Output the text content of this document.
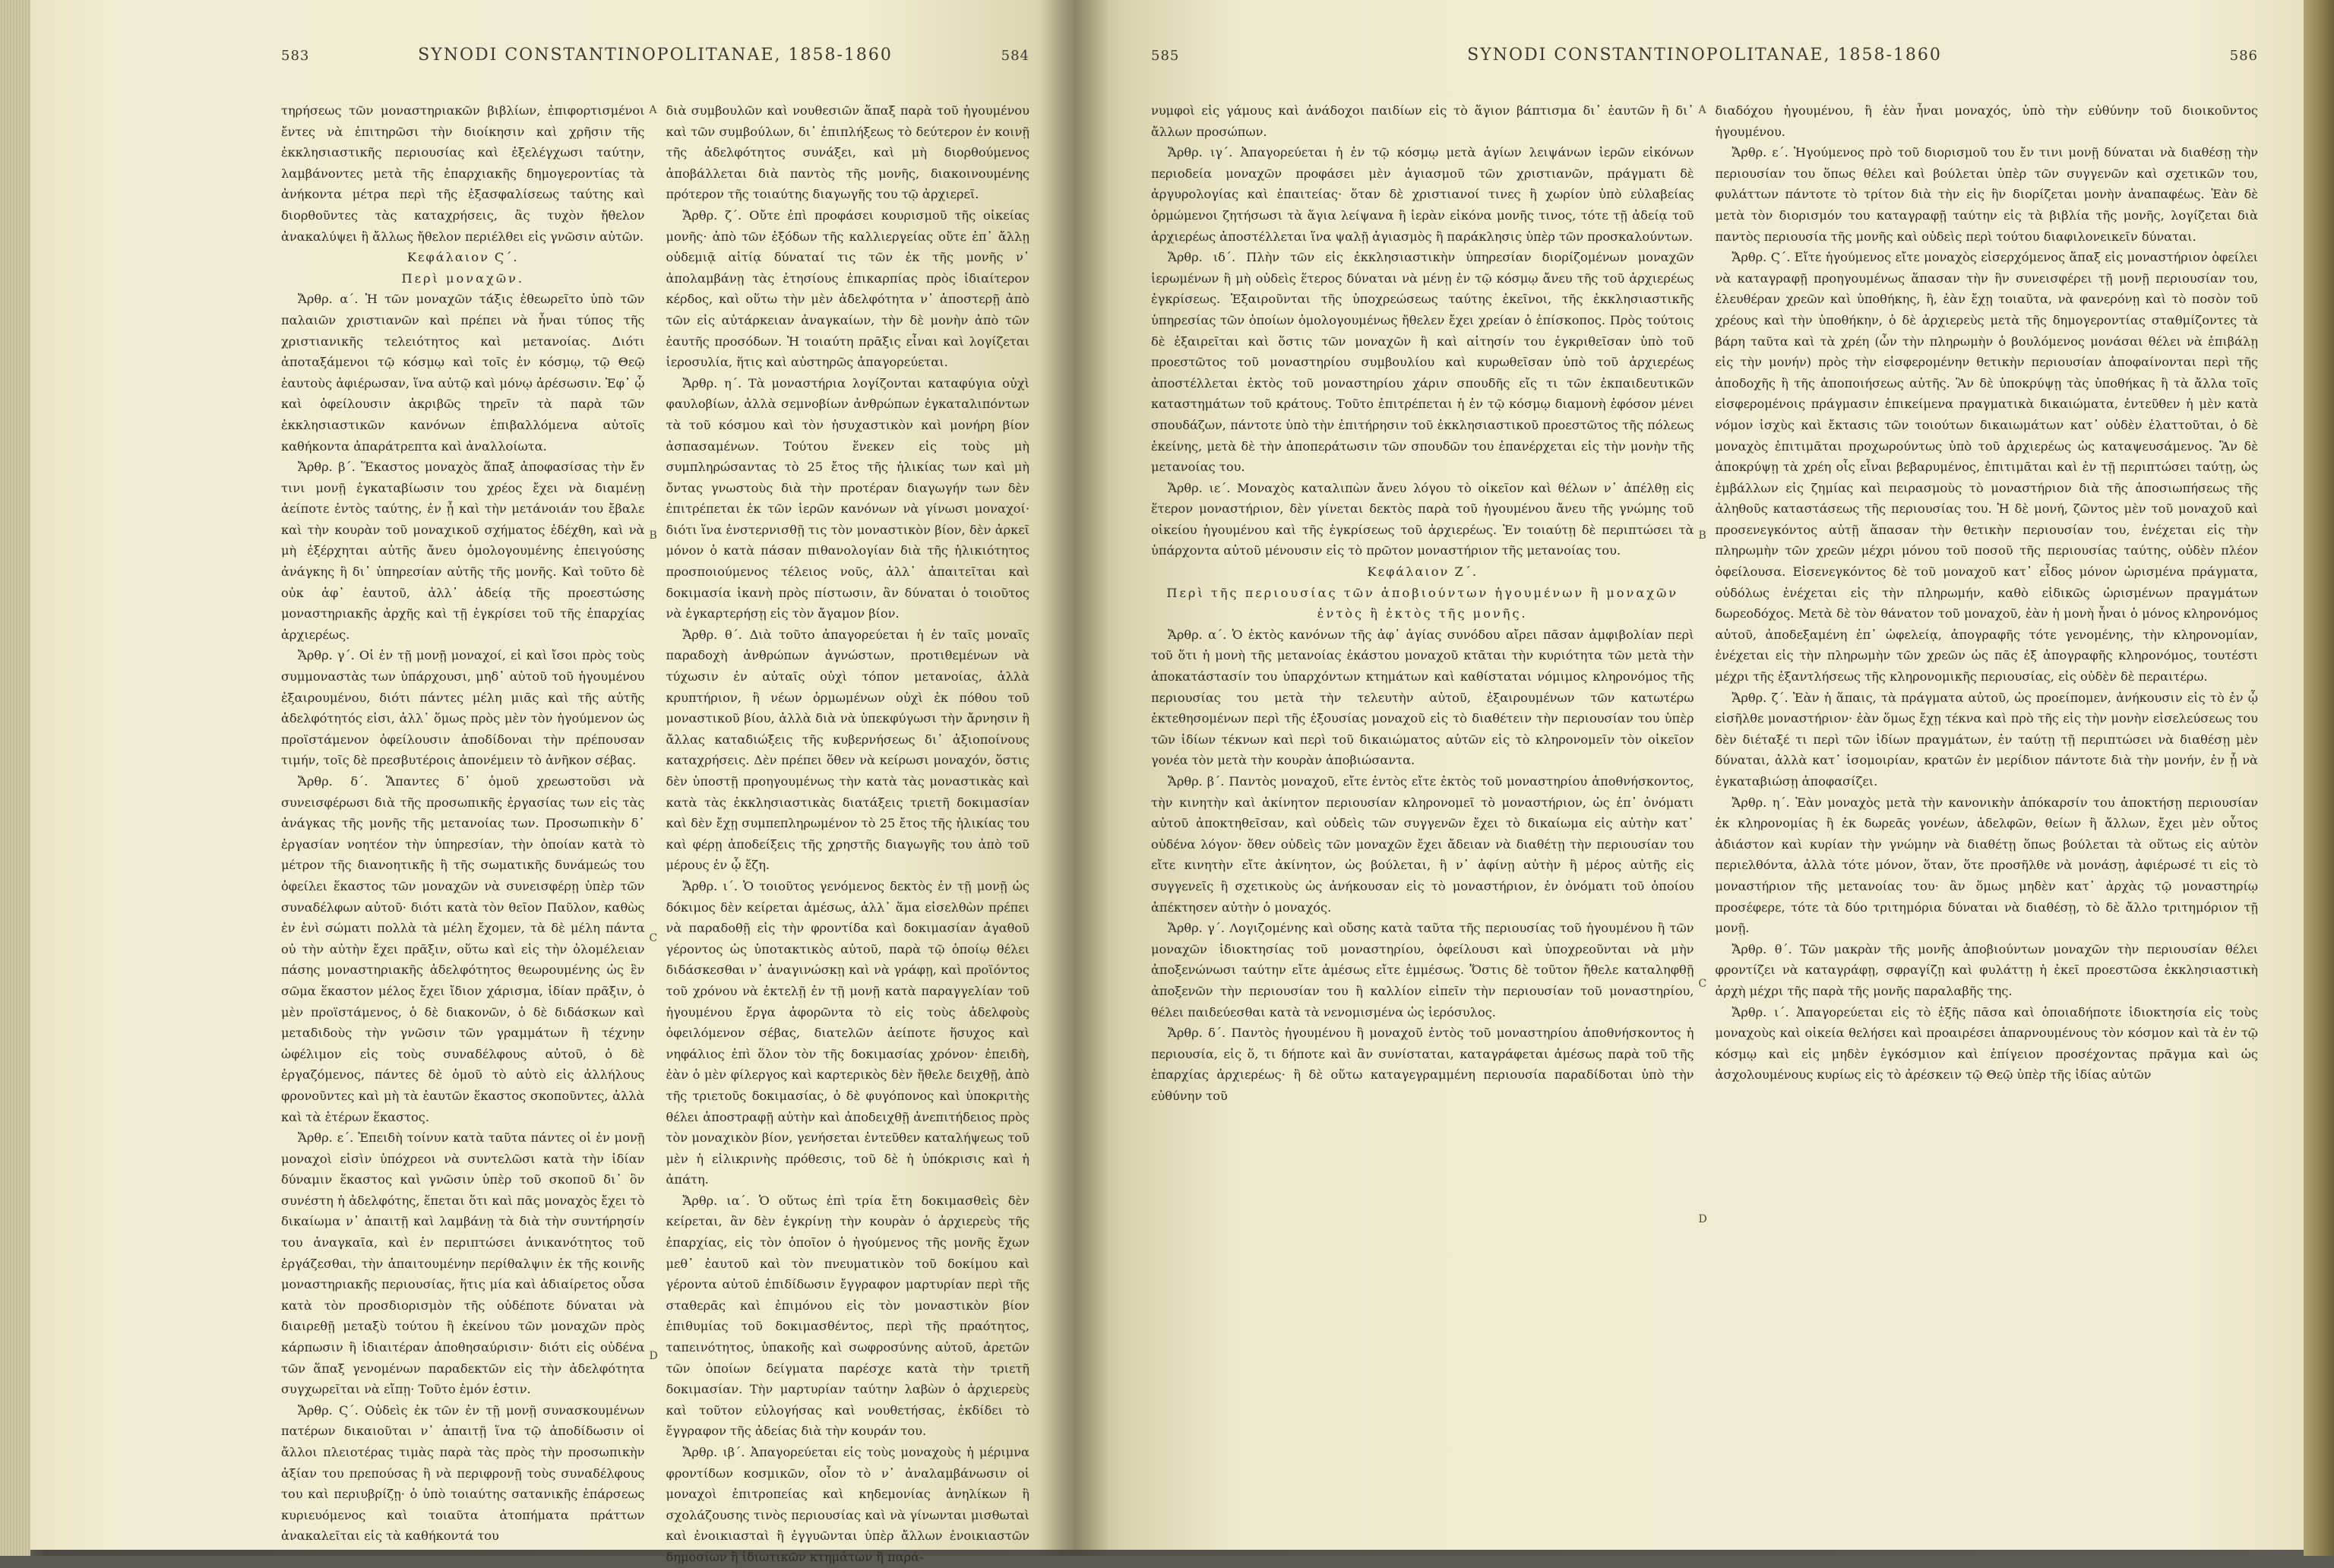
583	SYNODI CONSTANTINOPOLITANAE, 1858-1860	584

τηρήσεως τῶν μοναστηριακῶν βιβλίων, ἐπιφορτισμένοι ἔντες νὰ ἐπιτηρῶσι τὴν διοίκησιν καὶ χρῆσιν τῆς ἐκκλησιαστικῆς περιουσίας καὶ ἐξελέγχωσι ταύτην, λαμβάνοντες μετὰ τῆς ἐπαρχιακῆς δημογεροντίας τὰ ἀνήκοντα μέτρα περὶ τῆς ἐξασφαλίσεως ταύτης καὶ διορθοῦντες τὰς καταχρήσεις, ἂς τυχὸν ἤθελον ἀνακαλύψει ἢ ἄλλως ἤθελον περιέλθει εἰς γνῶσιν αὐτῶν.

Κεφάλαιον Ϛ΄.

Περὶ μοναχῶν.

Ἄρθρ. α΄. Ἡ τῶν μοναχῶν τάξις ἐθεωρεῖτο ὑπὸ τῶν παλαιῶν χριστιανῶν καὶ πρέπει νὰ ἦναι τύπος τῆς χριστιανικῆς τελειότητος καὶ μετανοίας. Διότι ἀποταξάμενοι τῷ κόσμῳ καὶ τοῖς ἐν κόσμῳ, τῷ Θεῷ ἑαυτοὺς ἀφιέρωσαν, ἵνα αὐτῷ καὶ μόνῳ ἀρέσωσιν. Ἐφ᾽ ᾧ καὶ ὀφείλουσιν ἀκριβῶς τηρεῖν τὰ παρὰ τῶν ἐκκλησιαστικῶν κανόνων ἐπιβαλλόμενα αὐτοῖς καθήκοντα ἀπαράτρεπτα καὶ ἀναλλοίωτα.

Ἄρθρ. β΄. Ἕκαστος μοναχὸς ἅπαξ ἀποφασίσας τὴν ἔν τινι μονῇ ἐγκαταβίωσιν του χρέος ἔχει νὰ διαμένῃ ἀείποτε ἐντὸς ταύτης, ἐν ᾗ καὶ τὴν μετάνοιάν του ἔβαλε καὶ τὴν κουρὰν τοῦ μοναχικοῦ σχήματος ἐδέχθη, καὶ νὰ μὴ ἐξέρχηται αὐτῆς ἄνευ ὁμολογουμένης ἐπειγούσης ἀνάγκης ἢ δι᾽ ὑπηρεσίαν αὐτῆς τῆς μονῆς. Καὶ τοῦτο δὲ οὐκ ἀφ᾽ ἑαυτοῦ, ἀλλ᾽ ἀδείᾳ τῆς προεστώσης μοναστηριακῆς ἀρχῆς καὶ τῇ ἐγκρίσει τοῦ τῆς ἐπαρχίας ἀρχιερέως.

Ἄρθρ. γ΄. Οἱ ἐν τῇ μονῇ μοναχοί, εἰ καὶ ἴσοι πρὸς τοὺς συμμοναστὰς των ὑπάρχουσι, μηδ᾽ αὐτοῦ τοῦ ἡγουμένου ἐξαιρουμένου, διότι πάντες μέλη μιᾶς καὶ τῆς αὐτῆς ἀδελφότητός εἰσι, ἀλλ᾽ ὅμως πρὸς μὲν τὸν ἡγούμενον ὡς προϊστάμενον ὀφείλουσιν ἀποδίδοναι τὴν πρέπουσαν τιμήν, τοῖς δὲ πρεσβυτέροις ἀπονέμειν τὸ ἀνῆκον σέβας.

Ἄρθρ. δ΄. Ἅπαντες δ᾽ ὁμοῦ χρεωστοῦσι νὰ συνεισφέρωσι διὰ τῆς προσωπικῆς ἐργασίας των εἰς τὰς ἀνάγκας τῆς μονῆς τῆς μετανοίας των. Προσωπικὴν δ᾽ ἐργασίαν νοητέον τὴν ὑπηρεσίαν, τὴν ὁποίαν κατὰ τὸ μέτρον τῆς διανοητικῆς ἢ τῆς σωματικῆς δυνάμεώς του ὀφείλει ἕκαστος τῶν μοναχῶν νὰ συνεισφέρῃ ὑπὲρ τῶν συναδέλφων αὐτοῦ· διότι κατὰ τὸν θεῖον Παῦλον, καθὼς ἐν ἑνὶ σώματι πολλὰ τὰ μέλη ἔχομεν, τὰ δὲ μέλη πάντα οὐ τὴν αὐτὴν ἔχει πρᾶξιν, οὕτω καὶ εἰς τὴν ὁλομέλειαν πάσης μοναστηριακῆς ἀδελφότητος θεωρουμένης ὡς ἓν σῶμα ἕκαστον μέλος ἔχει ἴδιον χάρισμα, ἰδίαν πρᾶξιν, ὁ μὲν προϊστάμενος, ὁ δὲ διακονῶν, ὁ δὲ διδάσκων καὶ μεταδιδοὺς τὴν γνῶσιν τῶν γραμμάτων ἢ τέχνην ὠφέλιμον εἰς τοὺς συναδέλφους αὐτοῦ, ὁ δὲ ἐργαζόμενος, πάντες δὲ ὁμοῦ τὸ αὐτὸ εἰς ἀλλήλους φρονοῦντες καὶ μὴ τὰ ἑαυτῶν ἕκαστος σκοποῦντες, ἀλλὰ καὶ τὰ ἑτέρων ἕκαστος.

Ἄρθρ. ε΄. Ἐπειδὴ τοίνυν κατὰ ταῦτα πάντες οἱ ἐν μονῇ μοναχοὶ εἰσὶν ὑπόχρεοι νὰ συντελῶσι κατὰ τὴν ἰδίαν δύναμιν ἕκαστος καὶ γνῶσιν ὑπὲρ τοῦ σκοποῦ δι᾽ ὃν συνέστη ἡ ἀδελφότης, ἕπεται ὅτι καὶ πᾶς μοναχὸς ἔχει τὸ δικαίωμα ν᾽ ἀπαιτῇ καὶ λαμβάνῃ τὰ διὰ τὴν συντήρησίν του ἀναγκαῖα, καὶ ἐν περιπτώσει ἀνικανότητος τοῦ ἐργάζεσθαι, τὴν ἀπαιτουμένην περίθαλψιν ἐκ τῆς κοινῆς μοναστηριακῆς περιουσίας, ἥτις μία καὶ ἀδιαίρετος οὖσα κατὰ τὸν προσδιορισμὸν τῆς οὐδέποτε δύναται νὰ διαιρεθῇ μεταξὺ τούτου ἢ ἐκείνου τῶν μοναχῶν πρὸς κάρπωσιν ἢ ἰδιαιτέραν ἀποθησαύρισιν· διότι εἰς οὐδένα τῶν ἅπαξ γενομένων παραδεκτῶν εἰς τὴν ἀδελφότητα συγχωρεῖται νὰ εἴπῃ· Τοῦτο ἐμόν ἐστιν.

Ἄρθρ. Ϛ΄. Οὐδεὶς ἐκ τῶν ἐν τῇ μονῇ συνασκουμένων πατέρων δικαιοῦται ν᾽ ἀπαιτῇ ἵνα τῷ ἀποδίδωσιν οἱ ἄλλοι πλειοτέρας τιμὰς παρὰ τὰς πρὸς τὴν προσωπικὴν ἀξίαν του πρεπούσας ἢ νὰ περιφρονῇ τοὺς συναδέλφους του καὶ περιυβρίζῃ· ὁ ὑπὸ τοιαύτης σατανικῆς ἐπάρσεως κυριευόμενος καὶ τοιαῦτα ἀτοπήματα πράττων ἀνακαλεῖται εἰς τὰ καθήκοντά του

A
B
C
D

διὰ συμβουλῶν καὶ νουθεσιῶν ἅπαξ παρὰ τοῦ ἡγουμένου καὶ τῶν συμβούλων, δι᾽ ἐπιπλήξεως τὸ δεύτερον ἐν κοινῇ τῆς ἀδελφότητος συνάξει, καὶ μὴ διορθούμενος ἀποβάλλεται διὰ παντὸς τῆς μονῆς, διακοινουμένης πρότερον τῆς τοιαύτης διαγωγῆς του τῷ ἀρχιερεῖ.

Ἄρθρ. ζ΄. Οὔτε ἐπὶ προφάσει κουρισμοῦ τῆς οἰκείας μονῆς· ἀπὸ τῶν ἐξόδων τῆς καλλιεργείας οὔτε ἐπ᾽ ἄλλῃ οὐδεμιᾷ αἰτίᾳ δύναταί τις τῶν ἐκ τῆς μονῆς ν᾽ ἀπολαμβάνῃ τὰς ἐτησίους ἐπικαρπίας πρὸς ἰδιαίτερον κέρδος, καὶ οὕτω τὴν μὲν ἀδελφότητα ν᾽ ἀποστερῇ ἀπὸ τῶν εἰς αὐτάρκειαν ἀναγκαίων, τὴν δὲ μονὴν ἀπὸ τῶν ἑαυτῆς προσόδων. Ἡ τοιαύτη πρᾶξις εἶναι καὶ λογίζεται ἱεροσυλία, ἥτις καὶ αὐστηρῶς ἀπαγορεύεται.

Ἄρθρ. η΄. Τὰ μοναστήρια λογίζονται καταφύγια οὐχὶ φαυλοβίων, ἀλλὰ σεμνοβίων ἀνθρώπων ἐγκαταλιπόντων τὰ τοῦ κόσμου καὶ τὸν ἡσυχαστικὸν καὶ μονήρη βίον ἀσπασαμένων. Τούτου ἕνεκεν εἰς τοὺς μὴ συμπληρώσαντας τὸ 25 ἔτος τῆς ἡλικίας των καὶ μὴ ὄντας γνωστοὺς διὰ τὴν προτέραν διαγωγήν των δὲν ἐπιτρέπεται ἐκ τῶν ἱερῶν κανόνων νὰ γίνωσι μοναχοί· διότι ἵνα ἐνστερνισθῇ τις τὸν μοναστικὸν βίον, δὲν ἀρκεῖ μόνον ὁ κατὰ πάσαν πιθανολογίαν διὰ τῆς ἡλικιότητος προσποιούμενος τέλειος νοῦς, ἀλλ᾽ ἀπαιτεῖται καὶ δοκιμασία ἱκανὴ πρὸς πίστωσιν, ἂν δύναται ὁ τοιοῦτος νὰ ἐγκαρτερήσῃ εἰς τὸν ἄγαμον βίον.

Ἄρθρ. θ΄. Διὰ τοῦτο ἀπαγορεύεται ἡ ἐν ταῖς μοναῖς παραδοχὴ ἀνθρώπων ἀγνώστων, προτιθεμένων νὰ τύχωσιν ἐν αὐταῖς οὐχὶ τόπον μετανοίας, ἀλλὰ κρυπτήριον, ἢ νέων ὁρμωμένων οὐχὶ ἐκ πόθου τοῦ μοναστικοῦ βίου, ἀλλὰ διὰ νὰ ὑπεκφύγωσι τὴν ἄρνησιν ἢ ἄλλας καταδιώξεις τῆς κυβερνήσεως δι᾽ ἀξιοποίνους καταχρήσεις. Δὲν πρέπει ὅθεν νὰ κείρωσι μοναχόν, ὅστις δὲν ὑποστῇ προηγουμένως τὴν κατὰ τὰς μοναστικὰς καὶ κατὰ τὰς ἐκκλησιαστικὰς διατάξεις τριετῆ δοκιμασίαν καὶ δὲν ἔχῃ συμπεπληρωμένον τὸ 25 ἔτος τῆς ἡλικίας του καὶ φέρῃ ἀποδείξεις τῆς χρηστῆς διαγωγῆς του ἀπὸ τοῦ μέρους ἐν ᾧ ἔζη.

Ἄρθρ. ι΄. Ὁ τοιοῦτος γενόμενος δεκτὸς ἐν τῇ μονῇ ὡς δόκιμος δὲν κείρεται ἀμέσως, ἀλλ᾽ ἅμα εἰσελθὼν πρέπει νὰ παραδοθῇ εἰς τὴν φροντίδα καὶ δοκιμασίαν ἀγαθοῦ γέροντος ὡς ὑποτακτικὸς αὐτοῦ, παρὰ τῷ ὁποίῳ θέλει διδάσκεσθαι ν᾽ ἀναγινώσκῃ καὶ νὰ γράφῃ, καὶ προϊόντος τοῦ χρόνου νὰ ἐκτελῇ ἐν τῇ μονῇ κατὰ παραγγελίαν τοῦ ἡγουμένου ἔργα ἀφορῶντα τὸ εἰς τοὺς ἀδελφοὺς ὀφειλόμενον σέβας, διατελῶν ἀείποτε ἥσυχος καὶ νηφάλιος ἐπὶ ὅλον τὸν τῆς δοκιμασίας χρόνον· ἐπειδὴ, ἐὰν ὁ μὲν φίλεργος καὶ καρτερικὸς δὲν ἤθελε δειχθῇ, ἀπὸ τῆς τριετοῦς δοκιμασίας, ὁ δὲ φυγόπονος καὶ ὑποκριτὴς θέλει ἀποστραφῇ αὐτὴν καὶ ἀποδειχθῇ ἀνεπιτήδειος πρὸς τὸν μοναχικὸν βίον, γενήσεται ἐντεῦθεν καταλήψεως τοῦ μὲν ἡ εἰλικρινὴς πρόθεσις, τοῦ δὲ ἡ ὑπόκρισις καὶ ἡ ἀπάτη.

Ἄρθρ. ια΄. Ὁ οὕτως ἐπὶ τρία ἔτη δοκιμασθεὶς δὲν κείρεται, ἂν δὲν ἐγκρίνῃ τὴν κουρὰν ὁ ἀρχιερεὺς τῆς ἐπαρχίας, εἰς τὸν ὁποῖον ὁ ἡγούμενος τῆς μονῆς ἔχων μεθ᾽ ἑαυτοῦ καὶ τὸν πνευματικὸν τοῦ δοκίμου καὶ γέροντα αὐτοῦ ἐπιδίδωσιν ἔγγραφον μαρτυρίαν περὶ τῆς σταθερᾶς καὶ ἐπιμόνου εἰς τὸν μοναστικὸν βίον ἐπιθυμίας τοῦ δοκιμασθέντος, περὶ τῆς πραότητος, ταπεινότητος, ὑπακοῆς καὶ σωφροσύνης αὐτοῦ, ἀρετῶν τῶν ὁποίων δείγματα παρέσχε κατὰ τὴν τριετῆ δοκιμασίαν. Τὴν μαρτυρίαν ταύτην λαβὼν ὁ ἀρχιερεὺς καὶ τοῦτον εὐλογήσας καὶ νουθετήσας, ἐκδίδει τὸ ἔγγραφον τῆς ἀδείας διὰ τὴν κουράν του.

Ἄρθρ. ιβ΄. Ἀπαγορεύεται εἰς τοὺς μοναχοὺς ἡ μέριμνα φροντίδων κοσμικῶν, οἷον τὸ ν᾽ ἀναλαμβάνωσιν οἱ μοναχοὶ ἐπιτροπείας καὶ κηδεμονίας ἀνηλίκων ἢ σχολάζουσης τινὸς περιουσίας καὶ νὰ γίνωνται μισθωταὶ καὶ ἐνοικιασταὶ ἢ ἐγγυῶνται ὑπὲρ ἄλλων ἐνοικιαστῶν δημοσίων ἢ ἰδιωτικῶν κτημάτων ἢ παρά-

585	SYNODI CONSTANTINOPOLITANAE, 1858-1860	586

νυμφοὶ εἰς γάμους καὶ ἀνάδοχοι παιδίων εἰς τὸ ἅγιον βάπτισμα δι᾽ ἑαυτῶν ἢ δι᾽ ἄλλων προσώπων.

Ἄρθρ. ιγ΄. Ἀπαγορεύεται ἡ ἐν τῷ κόσμῳ μετὰ ἁγίων λειψάνων ἱερῶν εἰκόνων περιοδεία μοναχῶν προφάσει μὲν ἁγιασμοῦ τῶν χριστιανῶν, πράγματι δὲ ἀργυρολογίας καὶ ἐπαιτείας· ὅταν δὲ χριστιανοί τινες ἢ χωρίον ὑπὸ εὐλαβείας ὁρμώμενοι ζητήσωσι τὰ ἅγια λείψανα ἢ ἱερὰν εἰκόνα μονῆς τινος, τότε τῇ ἀδείᾳ τοῦ ἀρχιερέως ἀποστέλλεται ἵνα ψαλῇ ἁγιασμὸς ἢ παράκλησις ὑπὲρ τῶν προσκαλούντων.

Ἄρθρ. ιδ΄. Πλὴν τῶν εἰς ἐκκλησιαστικὴν ὑπηρεσίαν διορίζομένων μοναχῶν ἱερωμένων ἢ μὴ οὐδεὶς ἕτερος δύναται νὰ μένῃ ἐν τῷ κόσμῳ ἄνευ τῆς τοῦ ἀρχιερέως ἐγκρίσεως. Ἐξαιροῦνται τῆς ὑποχρεώσεως ταύτης ἐκεῖνοι, τῆς ἐκκλησιαστικῆς ὑπηρεσίας τῶν ὁποίων ὁμολογουμένως ἤθελεν ἔχει χρείαν ὁ ἐπίσκοπος. Πρὸς τούτοις δὲ ἐξαιρεῖται καὶ ὅστις τῶν μοναχῶν ἢ καὶ αἰτησίν του ἐγκριθεῖσαν ὑπὸ τοῦ προεστῶτος τοῦ μοναστηρίου συμβουλίου καὶ κυρωθεῖσαν ὑπὸ τοῦ ἀρχιερέως ἀποστέλλεται ἐκτὸς τοῦ μοναστηρίου χάριν σπουδῆς εἴς τι τῶν ἐκπαιδευτικῶν καταστημάτων τοῦ κράτους. Τοῦτο ἐπιτρέπεται ἡ ἐν τῷ κόσμῳ διαμονὴ ἐφόσον μένει σπουδάζων, πάντοτε ὑπὸ τὴν ἐπιτήρησιν τοῦ ἐκκλησιαστικοῦ προεστῶτος τῆς πόλεως ἐκείνης, μετὰ δὲ τὴν ἀποπεράτωσιν τῶν σπουδῶν του ἐπανέρχεται εἰς τὴν μονὴν τῆς μετανοίας του.

Ἄρθρ. ιε΄. Μοναχὸς καταλιπὼν ἄνευ λόγου τὸ οἰκεῖον καὶ θέλων ν᾽ ἀπέλθῃ εἰς ἕτερον μοναστήριον, δὲν γίνεται δεκτὸς παρὰ τοῦ ἡγουμένου ἄνευ τῆς γνώμης τοῦ οἰκείου ἡγουμένου καὶ τῆς ἐγκρίσεως τοῦ ἀρχιερέως. Ἐν τοιαύτῃ δὲ περιπτώσει τὰ ὑπάρχοντα αὐτοῦ μένουσιν εἰς τὸ πρῶτον μοναστήριον τῆς μετανοίας του.

Κεφάλαιον Ζ΄.

Περὶ τῆς περιουσίας τῶν ἀποβιούντων ἡγουμένων ἢ μοναχῶν ἐντὸς ἢ ἐκτὸς τῆς μονῆς.

Ἄρθρ. α΄. Ὁ ἐκτὸς κανόνων τῆς ἀφ᾽ ἁγίας συνόδου αἴρει πᾶσαν ἀμφιβολίαν περὶ τοῦ ὅτι ἡ μονὴ τῆς μετανοίας ἑκάστου μοναχοῦ κτᾶται τὴν κυριότητα τῶν μετὰ τὴν ἀποκατάστασίν του ὑπαρχόντων κτημάτων καὶ καθίσταται νόμιμος κληρονόμος τῆς περιουσίας του μετὰ τὴν τελευτὴν αὐτοῦ, ἐξαιρουμένων τῶν κατωτέρω ἐκτεθησομένων περὶ τῆς ἐξουσίας μοναχοῦ εἰς τὸ διαθέτειν τὴν περιουσίαν του ὑπὲρ τῶν ἰδίων τέκνων καὶ περὶ τοῦ δικαιώματος αὐτῶν εἰς τὸ κληρονομεῖν τὸν οἰκεῖον γονέα τὸν μετὰ τὴν κουρὰν ἀποβιώσαντα.

Ἄρθρ. β΄. Παντὸς μοναχοῦ, εἴτε ἐντὸς εἴτε ἐκτὸς τοῦ μοναστηρίου ἀποθνήσκοντος, τὴν κινητὴν καὶ ἀκίνητον περιουσίαν κληρονομεῖ τὸ μοναστήριον, ὡς ἐπ᾽ ὀνόματι αὐτοῦ ἀποκτηθεῖσαν, καὶ οὐδεὶς τῶν συγγενῶν ἔχει τὸ δικαίωμα εἰς αὐτὴν κατ᾽ οὐδένα λόγον· ὅθεν οὐδεὶς τῶν μοναχῶν ἔχει ἄδειαν νὰ διαθέτῃ τὴν περιουσίαν του εἴτε κινητὴν εἴτε ἀκίνητον, ὡς βούλεται, ἢ ν᾽ ἀφίνῃ αὐτὴν ἢ μέρος αὐτῆς εἰς συγγενεῖς ἢ σχετικοὺς ὡς ἀνήκουσαν εἰς τὸ μοναστήριον, ἐν ὀνόματι τοῦ ὁποίου ἀπέκτησεν αὐτὴν ὁ μοναχός.

Ἄρθρ. γ΄. Λογιζομένης καὶ οὔσης κατὰ ταῦτα τῆς περιουσίας τοῦ ἡγουμένου ἢ τῶν μοναχῶν ἰδιοκτησίας τοῦ μοναστηρίου, ὀφείλουσι καὶ ὑποχρεοῦνται νὰ μὴν ἀποξενώνωσι ταύτην εἴτε ἀμέσως εἴτε ἐμμέσως. Ὅστις δὲ τοῦτον ἤθελε καταληφθῇ ἀποξενῶν τὴν περιουσίαν του ἢ καλλίον εἰπεῖν τὴν περιουσίαν τοῦ μοναστηρίου, θέλει παιδεύεσθαι κατὰ τὰ νενομισμένα ὡς ἱερόσυλος.

Ἄρθρ. δ΄. Παντὸς ἡγουμένου ἢ μοναχοῦ ἐντὸς τοῦ μοναστηρίου ἀποθνήσκοντος ἡ περιουσία, εἰς ὅ, τι δήποτε καὶ ἂν συνίσταται, καταγράφεται ἀμέσως παρὰ τοῦ τῆς ἐπαρχίας ἀρχιερέως· ἢ δὲ οὕτω καταγεγραμμένη περιουσία παραδίδοται ὑπὸ τὴν εὐθύνην τοῦ

A
B
C
D

διαδόχου ἡγουμένου, ἢ ἐὰν ἦναι μοναχός, ὑπὸ τὴν εὐθύνην τοῦ διοικοῦντος ἡγουμένου.

Ἄρθρ. ε΄. Ἡγούμενος πρὸ τοῦ διορισμοῦ του ἔν τινι μονῇ δύναται νὰ διαθέσῃ τὴν περιουσίαν του ὅπως θέλει καὶ βούλεται ὑπὲρ τῶν συγγενῶν καὶ σχετικῶν του, φυλάττων πάντοτε τὸ τρίτον διὰ τὴν εἰς ἣν διορίζεται μονὴν ἀναπαφέως. Ἐὰν δὲ μετὰ τὸν διορισμόν του καταγραφῇ ταύτην εἰς τὰ βιβλία τῆς μονῆς, λογίζεται διὰ παντὸς περιουσία τῆς μονῆς καὶ οὐδεὶς περὶ τούτου διαφιλονεικεῖν δύναται.

Ἄρθρ. Ϛ΄. Εἴτε ἡγούμενος εἴτε μοναχὸς εἰσερχόμενος ἅπαξ εἰς μοναστήριον ὀφείλει νὰ καταγραφῇ προηγουμένως ἅπασαν τὴν ἣν συνεισφέρει τῇ μονῇ περιουσίαν του, ἐλευθέραν χρεῶν καὶ ὑποθήκης, ἢ, ἐὰν ἔχῃ τοιαῦτα, νὰ φανερόνῃ καὶ τὸ ποσὸν τοῦ χρέους καὶ τὴν ὑποθήκην, ὁ δὲ ἀρχιερεὺς μετὰ τῆς δημογεροντίας σταθμίζοντες τὰ βάρη ταῦτα καὶ τὰ χρέη (ὧν τὴν πληρωμὴν ὁ βουλόμενος μονάσαι θέλει νὰ ἐπιβάλῃ εἰς τὴν μονήν) πρὸς τὴν εἰσφερομένην θετικὴν περιουσίαν ἀποφαίνονται περὶ τῆς ἀποδοχῆς ἢ τῆς ἀποποιήσεως αὐτῆς. Ἂν δὲ ὑποκρύψῃ τὰς ὑποθήκας ἢ τὰ ἄλλα τοῖς εἰσφερομένοις πράγμασιν ἐπικείμενα πραγματικὰ δικαιώματα, ἐντεῦθεν ἡ μὲν κατὰ νόμον ἰσχὺς καὶ ἔκτασις τῶν τοιούτων δικαιωμάτων κατ᾽ οὐδὲν ἐλαττοῦται, ὁ δὲ μοναχὸς ἐπιτιμᾶται προχωρούντως ὑπὸ τοῦ ἀρχιερέως ὡς καταψευσάμενος. Ἂν δὲ ἀποκρύψῃ τὰ χρέη οἷς εἶναι βεβαρυμένος, ἐπιτιμᾶται καὶ ἐν τῇ περιπτώσει ταύτῃ, ὡς ἐμβάλλων εἰς ζημίας καὶ πειρασμοὺς τὸ μοναστήριον διὰ τῆς ἀποσιωπήσεως τῆς ἀληθοῦς καταστάσεως τῆς περιουσίας του. Ἡ δὲ μονή, ζῶντος μὲν τοῦ μοναχοῦ καὶ προσενεγκόντος αὐτῇ ἅπασαν τὴν θετικὴν περιουσίαν του, ἐνέχεται εἰς τὴν πληρωμὴν τῶν χρεῶν μέχρι μόνου τοῦ ποσοῦ τῆς περιουσίας ταύτης, οὐδὲν πλέον ὀφείλουσα. Εἰσενεγκόντος δὲ τοῦ μοναχοῦ κατ᾽ εἶδος μόνον ὡρισμένα πράγματα, οὐδόλως ἐνέχεται εἰς τὴν πληρωμήν, καθὸ εἰδικῶς ὡρισμένων πραγμάτων δωρεοδόχος. Μετὰ δὲ τὸν θάνατον τοῦ μοναχοῦ, ἐὰν ἡ μονὴ ἦναι ὁ μόνος κληρονόμος αὐτοῦ, ἀποδεξαμένη ἐπ᾽ ὠφελείᾳ, ἀπογραφῆς τότε γενομένης, τὴν κληρονομίαν, ἐνέχεται εἰς τὴν πληρωμὴν τῶν χρεῶν ὡς πᾶς ἐξ ἀπογραφῆς κληρονόμος, τουτέστι μέχρι τῆς ἐξαντλήσεως τῆς κληρονομικῆς περιουσίας, εἰς οὐδὲν δὲ περαιτέρω.

Ἄρθρ. ζ΄. Ἐὰν ἡ ἅπαις, τὰ πράγματα αὐτοῦ, ὡς προείπομεν, ἀνήκουσιν εἰς τὸ ἐν ᾧ εἰσῆλθε μοναστήριον· ἐὰν ὅμως ἔχῃ τέκνα καὶ πρὸ τῆς εἰς τὴν μονὴν εἰσελεύσεως του δὲν διέταξέ τι περὶ τῶν ἰδίων πραγμάτων, ἐν ταύτῃ τῇ περιπτώσει νὰ διαθέσῃ μὲν δύναται, ἀλλὰ κατ᾽ ἰσομοιρίαν, κρατῶν ἐν μερίδιον πάντοτε διὰ τὴν μονήν, ἐν ᾗ νὰ ἐγκαταβιώσῃ ἀποφασίζει.

Ἄρθρ. η΄. Ἐὰν μοναχὸς μετὰ τὴν κανονικὴν ἀπόκαρσίν του ἀποκτήσῃ περιουσίαν ἐκ κληρονομίας ἢ ἐκ δωρεᾶς γονέων, ἀδελφῶν, θείων ἢ ἄλλων, ἔχει μὲν οὗτος ἀδιάστον καὶ κυρίαν τὴν γνώμην νὰ διαθέτῃ ὅπως βούλεται τὰ οὕτως εἰς αὐτὸν περιελθόντα, ἀλλὰ τότε μόνον, ὅταν, ὅτε προσῆλθε νὰ μονάσῃ, ἀφιέρωσέ τι εἰς τὸ μοναστήριον τῆς μετανοίας του· ἂν ὅμως μηδὲν κατ᾽ ἀρχὰς τῷ μοναστηρίῳ προσέφερε, τότε τὰ δύο τριτημόρια δύναται νὰ διαθέσῃ, τὸ δὲ ἄλλο τριτημόριον τῇ μονῇ.

Ἄρθρ. θ΄. Τῶν μακρὰν τῆς μονῆς ἀποβιούντων μοναχῶν τὴν περιουσίαν θέλει φροντίζει νὰ καταγράφῃ, σφραγίζῃ καὶ φυλάττῃ ἡ ἐκεῖ προεστῶσα ἐκκλησιαστικὴ ἀρχὴ μέχρι τῆς παρὰ τῆς μονῆς παραλαβῆς της.

Ἄρθρ. ι΄. Ἀπαγορεύεται εἰς τὸ ἑξῆς πᾶσα καὶ ὁποιαδήποτε ἰδιοκτησία εἰς τοὺς μοναχοὺς καὶ οἰκεία θελήσει καὶ προαιρέσει ἀπαρνουμένους τὸν κόσμον καὶ τὰ ἐν τῷ κόσμῳ καὶ εἰς μηδὲν ἐγκόσμιον καὶ ἐπίγειον προσέχοντας πρᾶγμα καὶ ὡς ἀσχολουμένους κυρίως εἰς τὸ ἀρέσκειν τῷ Θεῷ ὑπὲρ τῆς ἰδίας αὐτῶν
